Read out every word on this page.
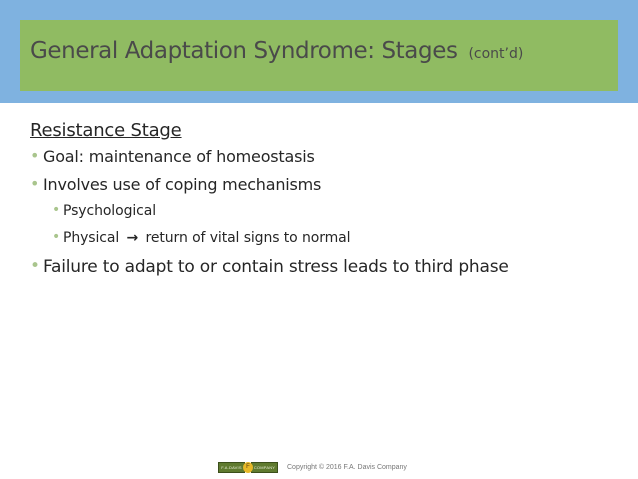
General Adaptation Syndrome: Stages (cont’d)
Resistance Stage
• Goal: maintenance of homeostasis
• Involves use of coping mechanisms
• Psychological
• Physical → return of vital signs to normal
• Failure to adapt to or contain stress leads to third phase
F.A.DAVIS F	COMPANY	Copyright © 2016 F.A. Davis Company
